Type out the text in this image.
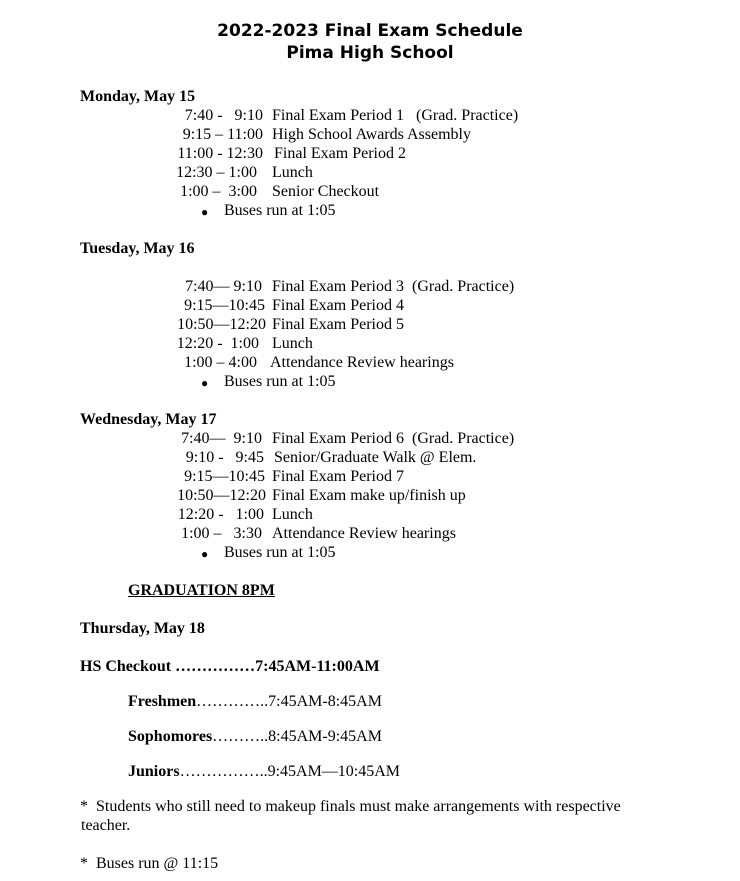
2022-2023 Final Exam Schedule
Pima High School
Monday, May 15
7:40 -   9:10 Final Exam Period 1   (Grad. Practice)
9:15 – 11:00 High School Awards Assembly
11:00 - 12:30 Final Exam Period 2
12:30 – 1:00 Lunch
1:00 –  3:00 Senior Checkout
● Buses run at 1:05
Tuesday, May 16
7:40— 9:10 Final Exam Period 3  (Grad. Practice)
9:15—10:45 Final Exam Period 4
10:50—12:20 Final Exam Period 5
12:20 -  1:00 Lunch
1:00 – 4:00 Attendance Review hearings
● Buses run at 1:05
Wednesday, May 17
7:40—  9:10 Final Exam Period 6  (Grad. Practice)
9:10 -   9:45 Senior/Graduate Walk @ Elem.
9:15—10:45 Final Exam Period 7
10:50—12:20 Final Exam make up/finish up
12:20 -   1:00 Lunch
1:00 –   3:30 Attendance Review hearings
● Buses run at 1:05
GRADUATION 8PM
Thursday, May 18
HS Checkout ……………7:45AM-11:00AM
Freshmen…………..7:45AM-8:45AM
Sophomores………..8:45AM-9:45AM
Juniors……………..9:45AM—10:45AM
* Students who still need to makeup finals must make arrangements with respective
teacher.
* Buses run @ 11:15
